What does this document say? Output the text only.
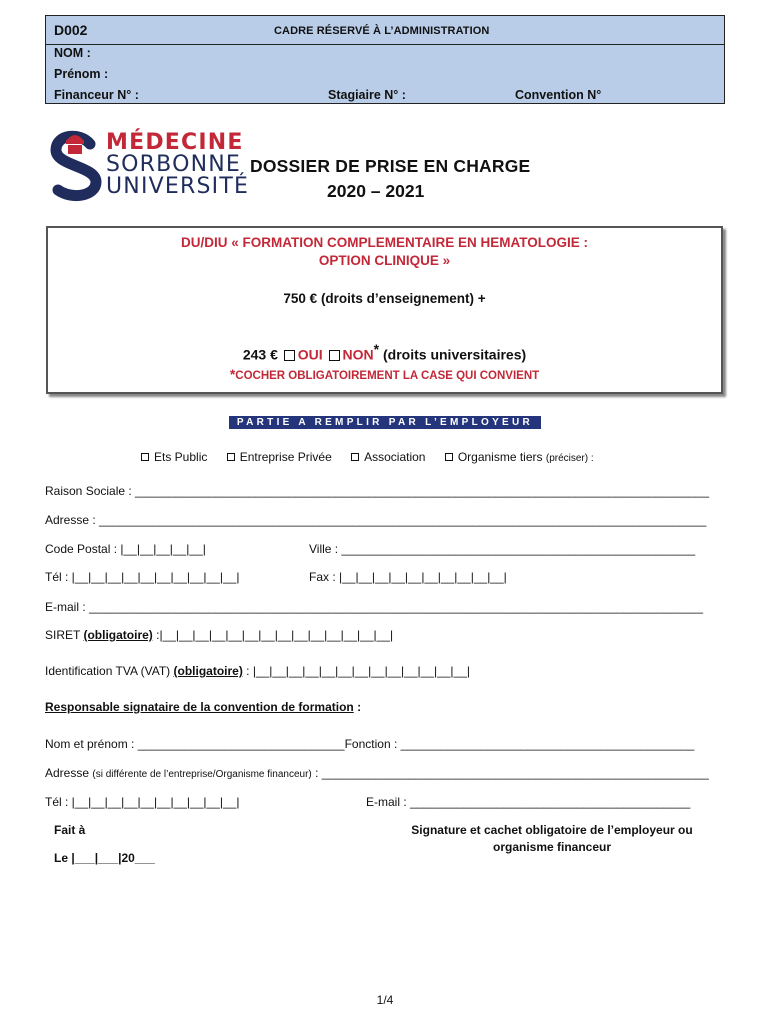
D002	CADRE RÉSERVÉ À L’ADMINISTRATION
NOM :
Prénom :
Financeur N° :	Stagiaire N° :	Convention N°
MÉDECINE
SORBONNE
UNIVERSITÉ
DOSSIER DE PRISE EN CHARGE
2020 – 2021
DU/DIU « FORMATION COMPLEMENTAIRE EN HEMATOLOGIE :
OPTION CLINIQUE »
750 € (droits d’enseignement) +
243 € OUI NON* (droits universitaires)
*COCHER OBLIGATOIREMENT LA CASE QUI CONVIENT
PARTIE A REMPLIR PAR L’EMPLOYEUR
Ets Public	Entreprise Privée	Association	Organisme tiers (préciser) :
Raison Sociale : ______________________________________________________________________________________
Adresse : ___________________________________________________________________________________________
Code Postal : |__|__|__|__|__|	Ville : _____________________________________________________
Tél : |__|__|__|__|__|__|__|__|__|__|	Fax : |__|__|__|__|__|__|__|__|__|__|
E-mail : ____________________________________________________________________________________________
SIRET (obligatoire) :|__|__|__|__|__|__|__|__|__|__|__|__|__|__|
Identification TVA (VAT) (obligatoire) : |__|__|__|__|__|__|__|__|__|__|__|__|__|
Responsable signataire de la convention de formation :
Nom et prénom : _______________________________Fonction : ____________________________________________
Adresse (si différente de l’entreprise/Organisme financeur) : __________________________________________________________
Tél : |__|__|__|__|__|__|__|__|__|__|	E-mail : __________________________________________
Fait à
Le |___|___|20___
Signature et cachet obligatoire de l’employeur ou organisme financeur
1/4
